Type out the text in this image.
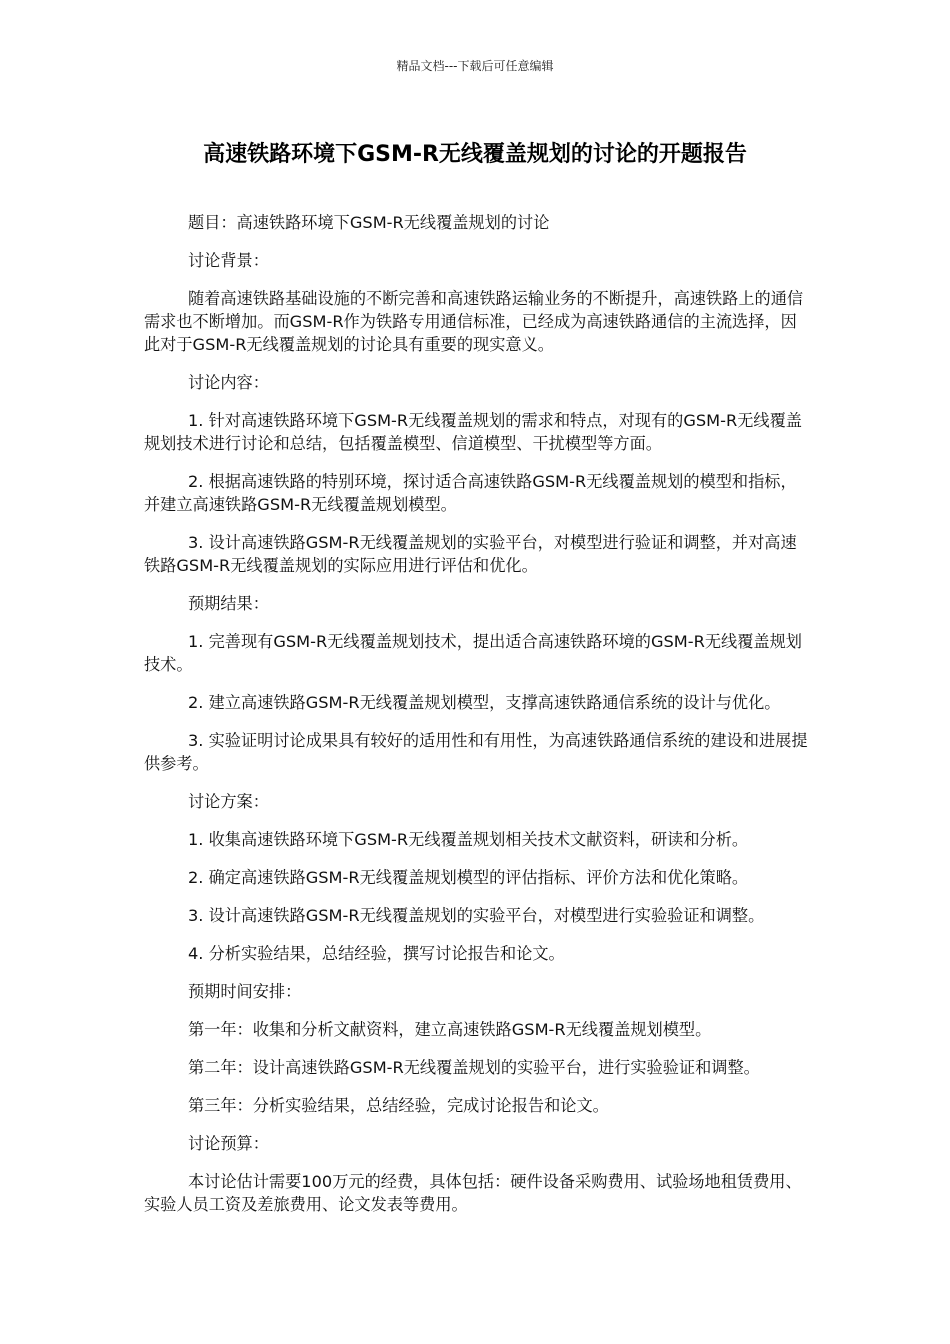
精品文档---下载后可任意编辑
高速铁路环境下GSM-R无线覆盖规划的讨论的开题报告

题目：高速铁路环境下GSM-R无线覆盖规划的讨论

讨论背景：

随着高速铁路基础设施的不断完善和高速铁路运输业务的不断提升，高速铁路上的通信需求也不断增加。而GSM-R作为铁路专用通信标准，已经成为高速铁路通信的主流选择，因此对于GSM-R无线覆盖规划的讨论具有重要的现实意义。

讨论内容：

1. 针对高速铁路环境下GSM-R无线覆盖规划的需求和特点，对现有的GSM-R无线覆盖规划技术进行讨论和总结，包括覆盖模型、信道模型、干扰模型等方面。

2. 根据高速铁路的特别环境，探讨适合高速铁路GSM-R无线覆盖规划的模型和指标，并建立高速铁路GSM-R无线覆盖规划模型。

3. 设计高速铁路GSM-R无线覆盖规划的实验平台，对模型进行验证和调整，并对高速铁路GSM-R无线覆盖规划的实际应用进行评估和优化。

预期结果：

1. 完善现有GSM-R无线覆盖规划技术，提出适合高速铁路环境的GSM-R无线覆盖规划技术。

2. 建立高速铁路GSM-R无线覆盖规划模型，支撑高速铁路通信系统的设计与优化。

3. 实验证明讨论成果具有较好的适用性和有用性，为高速铁路通信系统的建设和进展提供参考。

讨论方案：

1. 收集高速铁路环境下GSM-R无线覆盖规划相关技术文献资料，研读和分析。

2. 确定高速铁路GSM-R无线覆盖规划模型的评估指标、评价方法和优化策略。

3. 设计高速铁路GSM-R无线覆盖规划的实验平台，对模型进行实验验证和调整。

4. 分析实验结果，总结经验，撰写讨论报告和论文。

预期时间安排：

第一年：收集和分析文献资料，建立高速铁路GSM-R无线覆盖规划模型。

第二年：设计高速铁路GSM-R无线覆盖规划的实验平台，进行实验验证和调整。

第三年：分析实验结果，总结经验，完成讨论报告和论文。

讨论预算：

本讨论估计需要100万元的经费，具体包括：硬件设备采购费用、试验场地租赁费用、实验人员工资及差旅费用、论文发表等费用。
